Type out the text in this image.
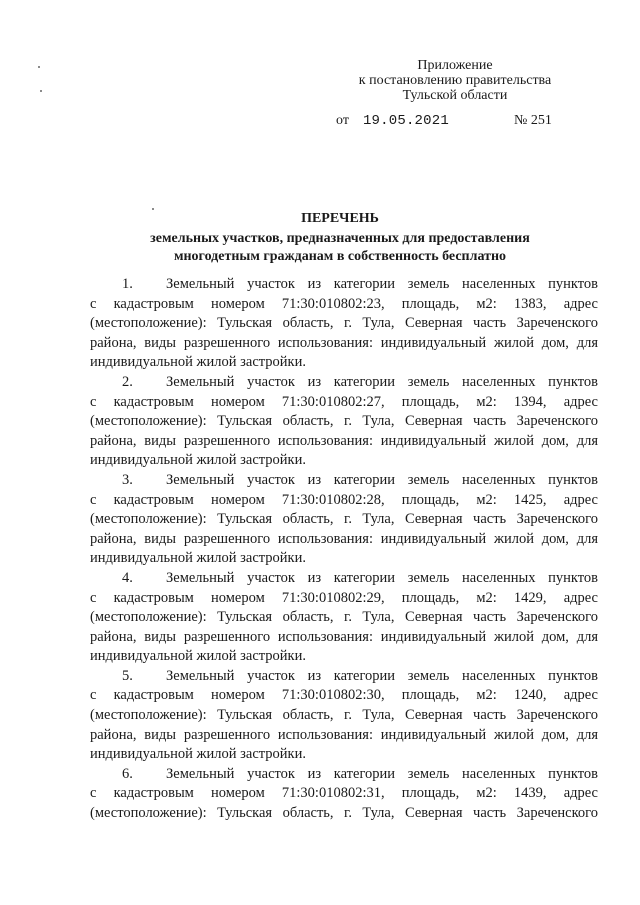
Приложение
к постановлению правительства
Тульской области
от 19.05.2021	№ 251
ПЕРЕЧЕНЬ
земельных участков, предназначенных для предоставления
многодетным гражданам в собственность бесплатно
1. Земельный участок из категории земель населенных пунктов
с кадастровым номером 71:30:010802:23, площадь, м2: 1383, адрес
(местоположение): Тульская область, г. Тула, Северная часть Зареченского
района, виды разрешенного использования: индивидуальный жилой дом, для
индивидуальной жилой застройки.
2. Земельный участок из категории земель населенных пунктов
с кадастровым номером 71:30:010802:27, площадь, м2: 1394, адрес
(местоположение): Тульская область, г. Тула, Северная часть Зареченского
района, виды разрешенного использования: индивидуальный жилой дом, для
индивидуальной жилой застройки.
3. Земельный участок из категории земель населенных пунктов
с кадастровым номером 71:30:010802:28, площадь, м2: 1425, адрес
(местоположение): Тульская область, г. Тула, Северная часть Зареченского
района, виды разрешенного использования: индивидуальный жилой дом, для
индивидуальной жилой застройки.
4. Земельный участок из категории земель населенных пунктов
с кадастровым номером 71:30:010802:29, площадь, м2: 1429, адрес
(местоположение): Тульская область, г. Тула, Северная часть Зареченского
района, виды разрешенного использования: индивидуальный жилой дом, для
индивидуальной жилой застройки.
5. Земельный участок из категории земель населенных пунктов
с кадастровым номером 71:30:010802:30, площадь, м2: 1240, адрес
(местоположение): Тульская область, г. Тула, Северная часть Зареченского
района, виды разрешенного использования: индивидуальный жилой дом, для
индивидуальной жилой застройки.
6. Земельный участок из категории земель населенных пунктов
с кадастровым номером 71:30:010802:31, площадь, м2: 1439, адрес
(местоположение): Тульская область, г. Тула, Северная часть Зареченского
